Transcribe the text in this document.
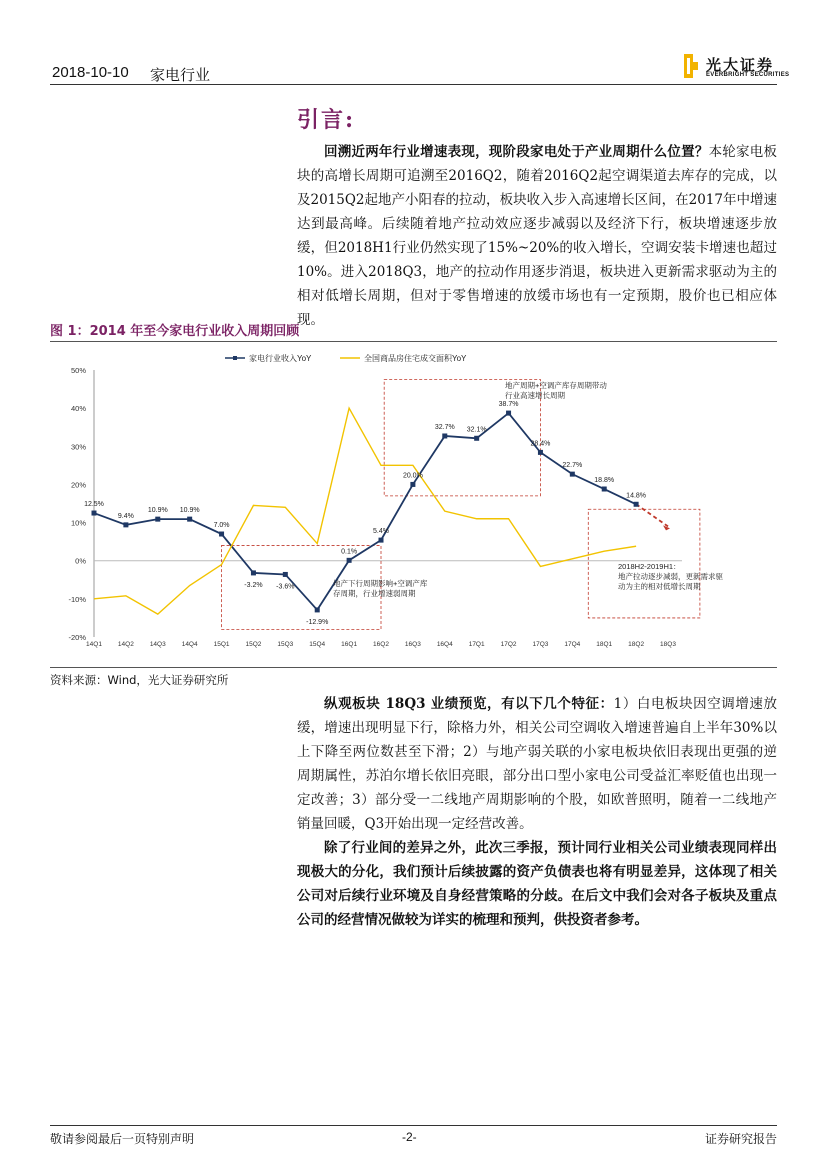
2018-10-10 家电行业
光大证券
EVERBRIGHT SECURITIES
引言:
回溯近两年行业增速表现，现阶段家电处于产业周期什么位置？本轮家电板块的高增长周期可追溯至2016Q2，随着2016Q2起空调渠道去库存的完成，以及2015Q2起地产小阳春的拉动，板块收入步入高速增长区间，在2017年中增速达到最高峰。后续随着地产拉动效应逐步减弱以及经济下行，板块增速逐步放缓，但2018H1行业仍然实现了15%~20%的收入增长，空调安装卡增速也超过10%。进入2018Q3，地产的拉动作用逐步消退，板块进入更新需求驱动为主的相对低增长周期，但对于零售增速的放缓市场也有一定预期，股价也已相应体现。
图 1：2014 年至今家电行业收入周期回顾
50%
40%
30%
20%
10%
0%
-10%
-20%
14Q1 14Q2 14Q3 14Q4 15Q1 15Q2 15Q3 15Q4 16Q1 16Q2 16Q3 16Q4 17Q1 17Q2 17Q3 17Q4 18Q1 18Q2 18Q3
12.5%
9.4%
10.9% 10.9%
7.0%
-3.2% -3.6%
-12.9%
0.1%
5.4%
20.0%
32.7% 32.1%
38.7%
28.4%
22.7%
18.8%
14.8%
家电行业收入YoY	全国商品房住宅成交面积YoY
地产周期+空调产库存周期带动行业高速增长周期
地产下行周期影响+空调产库存周期，行业增速弱周期
2018H2-2019H1：地产拉动逐步减弱，更新需求驱动为主的相对低增长周期
资料来源：Wind，光大证券研究所
纵观板块 18Q3 业绩预览，有以下几个特征：1）白电板块因空调增速放缓，增速出现明显下行，除格力外，相关公司空调收入增速普遍自上半年30%以上下降至两位数甚至下滑；2）与地产弱关联的小家电板块依旧表现出更强的逆周期属性，苏泊尔增长依旧亮眼，部分出口型小家电公司受益汇率贬值也出现一定改善；3）部分受一二线地产周期影响的个股，如欧普照明，随着一二线地产销量回暖，Q3开始出现一定经营改善。
除了行业间的差异之外，此次三季报，预计同行业相关公司业绩表现同样出现极大的分化，我们预计后续披露的资产负债表也将有明显差异，这体现了相关公司对后续行业环境及自身经营策略的分歧。在后文中我们会对各子板块及重点公司的经营情况做较为详实的梳理和预判，供投资者参考。
敬请参阅最后一页特别声明	-2-	证券研究报告
